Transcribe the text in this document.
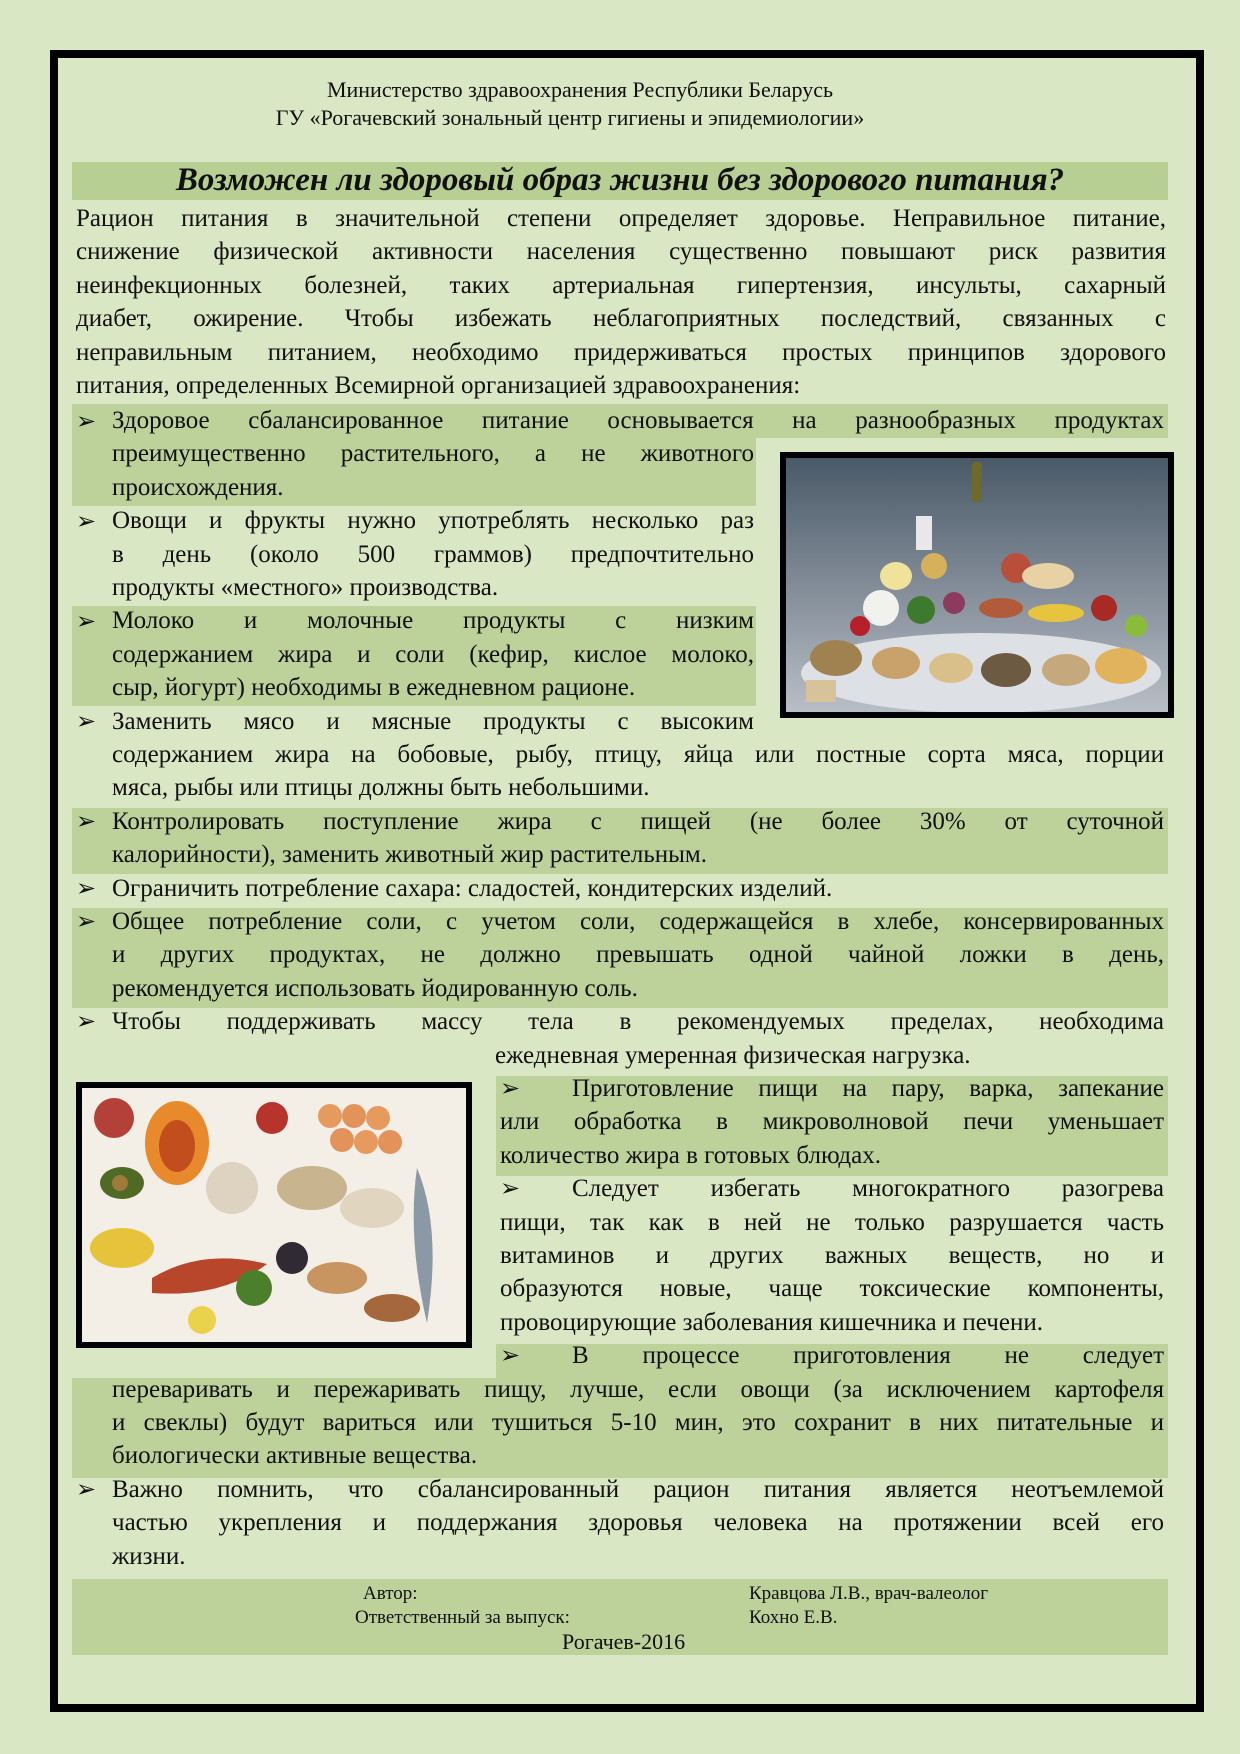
Министерство здравоохранения Республики Беларусь
ГУ «Рогачевский зональный центр гигиены и эпидемиологии»
Возможен ли здоровый образ жизни без здорового питания?
Рацион питания в значительной степени определяет здоровье. Неправильное питание,
снижение физической активности населения существенно повышают риск развития
неинфекционных болезней, таких артериальная гипертензия, инсульты, сахарный
диабет, ожирение. Чтобы избежать неблагоприятных последствий, связанных с
неправильным питанием, необходимо придерживаться простых принципов здорового
питания, определенных Всемирной организацией здравоохранения:
➢ Здоровое сбалансированное питание основывается на разнообразных продуктах
преимущественно растительного, а не животного
происхождения.
➢ Овощи и фрукты нужно употреблять несколько раз
в день (около 500 граммов) предпочтительно
продукты «местного» производства.
➢ Молоко и молочные продукты с низким
содержанием жира и соли (кефир, кислое молоко,
сыр, йогурт) необходимы в ежедневном рационе.
➢ Заменить мясо и мясные продукты с высоким
содержанием жира на бобовые, рыбу, птицу, яйца или постные сорта мяса, порции
мяса, рыбы или птицы должны быть небольшими.
➢ Контролировать поступление жира с пищей (не более 30% от суточной
калорийности), заменить животный жир растительным.
➢ Ограничить потребление сахара: сладостей, кондитерских изделий.
➢ Общее потребление соли, с учетом соли, содержащейся в хлебе, консервированных
и других продуктах, не должно превышать одной чайной ложки в день,
рекомендуется использовать йодированную соль.
➢ Чтобы поддерживать массу тела в рекомендуемых пределах, необходима
ежедневная умеренная физическая нагрузка.
➢ Приготовление пищи на пару, варка, запекание
или обработка в микроволновой печи уменьшает
количество жира в готовых блюдах.
➢ Следует избегать многократного разогрева
пищи, так как в ней не только разрушается часть
витаминов и других важных веществ, но и
образуются новые, чаще токсические компоненты,
провоцирующие заболевания кишечника и печени.
➢ В процессе приготовления не следует
переваривать и пережаривать пищу, лучше, если овощи (за исключением картофеля
и свеклы) будут вариться или тушиться 5-10 мин, это сохранит в них питательные и
биологически активные вещества.
➢ Важно помнить, что сбалансированный рацион питания является неотъемлемой
частью укрепления и поддержания здоровья человека на протяжении всей его
жизни.
Автор:	Кравцова Л.В., врач-валеолог
Ответственный за выпуск:	Кохно Е.В.
Рогачев-2016
